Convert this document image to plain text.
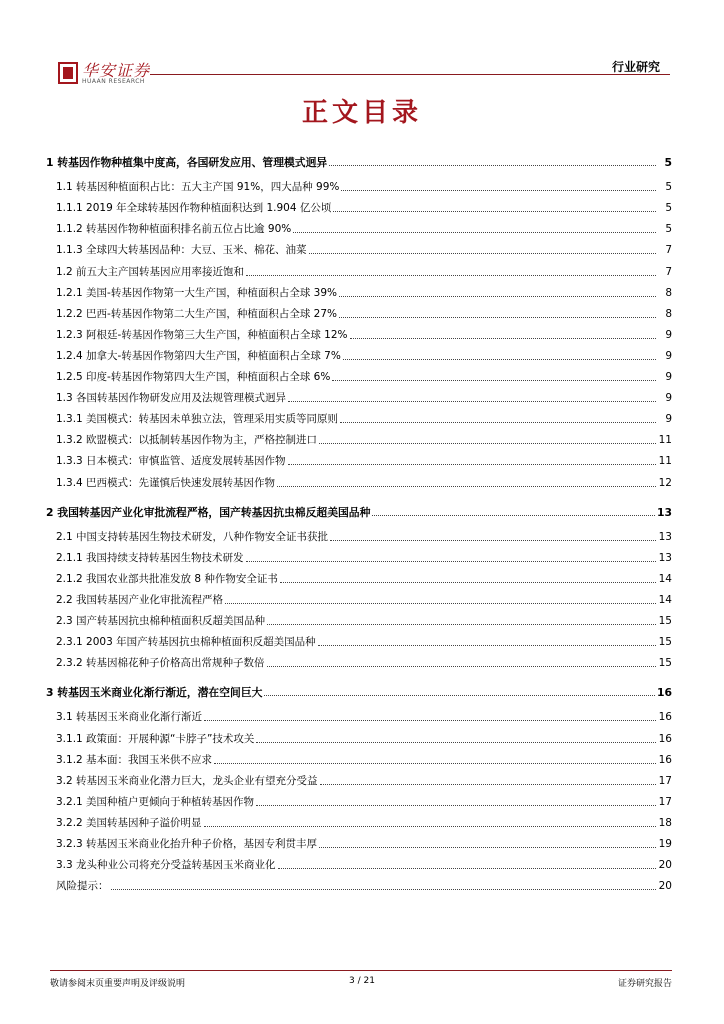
华安证券
HUAAN RESEARCH
行业研究
正文目录
1 转基因作物种植集中度高，各国研发应用、管理模式迥异	5
1.1 转基因种植面积占比：五大主产国 91%，四大品种 99%	5
1.1.1 2019 年全球转基因作物种植面积达到 1.904 亿公顷	5
1.1.2 转基因作物种植面积排名前五位占比逾 90%	5
1.1.3 全球四大转基因品种：大豆、玉米、棉花、油菜	7
1.2 前五大主产国转基因应用率接近饱和	7
1.2.1 美国-转基因作物第一大生产国，种植面积占全球 39%	8
1.2.2 巴西-转基因作物第二大生产国，种植面积占全球 27%	8
1.2.3 阿根廷-转基因作物第三大生产国，种植面积占全球 12%	9
1.2.4 加拿大-转基因作物第四大生产国，种植面积占全球 7%	9
1.2.5 印度-转基因作物第四大生产国，种植面积占全球 6%	9
1.3 各国转基因作物研发应用及法规管理模式迥异	9
1.3.1 美国模式：转基因未单独立法，管理采用实质等同原则	9
1.3.2 欧盟模式：以抵制转基因作物为主，严格控制进口	11
1.3.3 日本模式：审慎监管、适度发展转基因作物	11
1.3.4 巴西模式：先谨慎后快速发展转基因作物	12
2 我国转基因产业化审批流程严格，国产转基因抗虫棉反超美国品种	13
2.1 中国支持转基因生物技术研发，八种作物安全证书获批	13
2.1.1 我国持续支持转基因生物技术研发	13
2.1.2 我国农业部共批准发放 8 种作物安全证书	14
2.2 我国转基因产业化审批流程严格	14
2.3 国产转基因抗虫棉种植面积反超美国品种	15
2.3.1 2003 年国产转基因抗虫棉种植面积反超美国品种	15
2.3.2 转基因棉花种子价格高出常规种子数倍	15
3 转基因玉米商业化渐行渐近，潜在空间巨大	16
3.1 转基因玉米商业化渐行渐近	16
3.1.1 政策面：开展种源“卡脖子”技术攻关	16
3.1.2 基本面：我国玉米供不应求	16
3.2 转基因玉米商业化潜力巨大，龙头企业有望充分受益	17
3.2.1 美国种植户更倾向于种植转基因作物	17
3.2.2 美国转基因种子溢价明显	18
3.2.3 转基因玉米商业化抬升种子价格，基因专利贯丰厚	19
3.3 龙头种业公司将充分受益转基因玉米商业化	20
风险提示：	20
敬请参阅末页重要声明及评级说明	3 / 21	证券研究报告
